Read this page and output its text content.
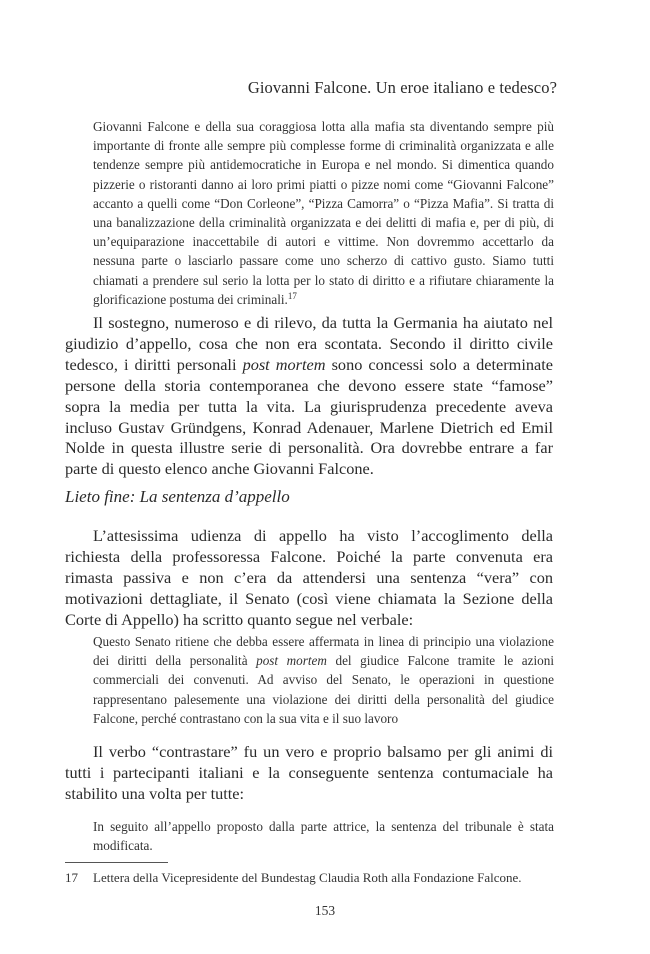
Giovanni Falcone. Un eroe italiano e tedesco?
Giovanni Falcone e della sua coraggiosa lotta alla mafia sta diventando sempre più importante di fronte alle sempre più complesse forme di criminalità organizzata e alle tendenze sempre più antidemocratiche in Europa e nel mondo. Si dimentica quando pizzerie o ristoranti danno ai loro primi piatti o pizze nomi come “Giovanni Falcone” accanto a quelli come “Don Corleone”, “Pizza Camorra” o “Pizza Mafia”. Si tratta di una banalizzazione della criminalità organizzata e dei delitti di mafia e, per di più, di un’equiparazione inaccettabile di autori e vittime. Non dovremmo accettarlo da nessuna parte o lasciarlo passare come uno scherzo di cattivo gusto. Siamo tutti chiamati a prendere sul serio la lotta per lo stato di diritto e a rifiutare chiaramente la glorificazione postuma dei criminali.$^{17}$

Il sostegno, numeroso e di rilevo, da tutta la Germania ha aiutato nel giudizio d’appello, cosa che non era scontata. Secondo il diritto civile tedesco, i diritti personali post mortem sono concessi solo a determinate persone della storia contemporanea che devono essere state “famose” sopra la media per tutta la vita. La giurisprudenza precedente aveva incluso Gustav Gründgens, Konrad Adenauer, Marlene Dietrich ed Emil Nolde in questa illustre serie di personalità. Ora dovrebbe entrare a far parte di questo elenco anche Giovanni Falcone.

Lieto fine: La sentenza d’appello

L’attesissima udienza di appello ha visto l’accoglimento della richiesta della professoressa Falcone. Poiché la parte convenuta era rimasta passiva e non c’era da attendersi una sentenza “vera” con motivazioni dettagliate, il Senato (così viene chiamata la Sezione della Corte di Appello) ha scritto quanto segue nel verbale:

Questo Senato ritiene che debba essere affermata in linea di principio una violazione dei diritti della personalità post mortem del giudice Falcone tramite le azioni commerciali dei convenuti. Ad avviso del Senato, le operazioni in questione rappresentano palesemente una violazione dei diritti della personalità del giudice Falcone, perché contrastano con la sua vita e il suo lavoro

Il verbo “contrastare” fu un vero e proprio balsamo per gli animi di tutti i partecipanti italiani e la conseguente sentenza contumaciale ha stabilito una volta per tutte:

In seguito all’appello proposto dalla parte attrice, la sentenza del tribunale è stata modificata.
17 Lettera della Vicepresidente del Bundestag Claudia Roth alla Fondazione Falcone.
153
